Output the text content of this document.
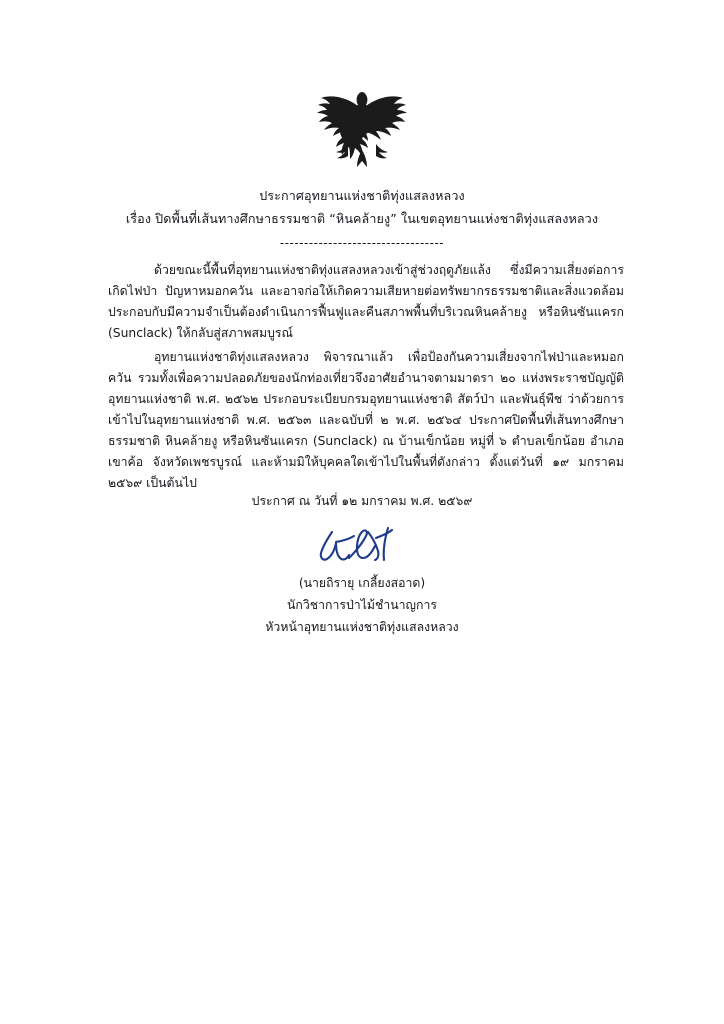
ประกาศอุทยานแห่งชาติทุ่งแสลงหลวง
เรื่อง ปิดพื้นที่เส้นทางศึกษาธรรมชาติ “หินคล้ายงู” ในเขตอุทยานแห่งชาติทุ่งแสลงหลวง
----------------------------------

ด้วยขณะนี้พื้นที่อุทยานแห่งชาติทุ่งแสลงหลวงเข้าสู่ช่วงฤดูภัยแล้ง ซึ่งมีความเสี่ยงต่อการเกิดไฟป่า ปัญหาหมอกควัน และอาจก่อให้เกิดความเสียหายต่อทรัพยากรธรรมชาติและสิ่งแวดล้อม ประกอบกับมีความจำเป็นต้องดำเนินการฟื้นฟูและคืนสภาพพื้นที่บริเวณหินคล้ายงู หรือหินซันแครก (Sunclack) ให้กลับสู่สภาพสมบูรณ์

อุทยานแห่งชาติทุ่งแสลงหลวง พิจารณาแล้ว เพื่อป้องกันความเสี่ยงจากไฟป่าและหมอกควัน รวมทั้งเพื่อความปลอดภัยของนักท่องเที่ยวจึงอาศัยอำนาจตามมาตรา ๒๐ แห่งพระราชบัญญัติอุทยานแห่งชาติ พ.ศ. ๒๕๖๒ ประกอบระเบียบกรมอุทยานแห่งชาติ สัตว์ป่า และพันธุ์พืช ว่าด้วยการเข้าไปในอุทยานแห่งชาติ พ.ศ. ๒๕๖๓ และฉบับที่ ๒ พ.ศ. ๒๕๖๔ ประกาศปิดพื้นที่เส้นทางศึกษาธรรมชาติ หินคล้ายงู หรือหินซันแครก (Sunclack) ณ บ้านเข็กน้อย หมู่ที่ ๖ ตำบลเข็กน้อย อำเภอเขาค้อ จังหวัดเพชรบูรณ์ และห้ามมิให้บุคคลใดเข้าไปในพื้นที่ดังกล่าว ตั้งแต่วันที่ ๑๙ มกราคม ๒๕๖๙ เป็นต้นไป

ประกาศ ณ วันที่ ๑๒ มกราคม พ.ศ. ๒๕๖๙
(นายถิรายุ เกลี้ยงสอาด)
นักวิชาการป่าไม้ชำนาญการ
หัวหน้าอุทยานแห่งชาติทุ่งแสลงหลวง
